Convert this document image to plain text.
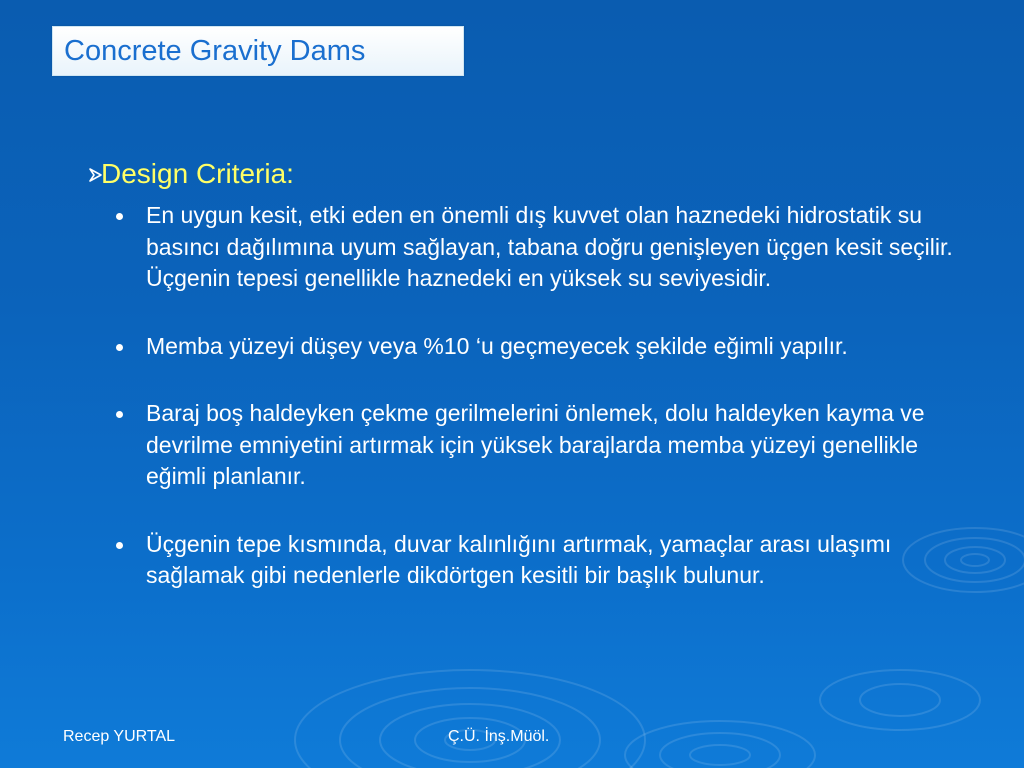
Concrete Gravity Dams
Design Criteria:
En uygun kesit, etki eden en önemli dış kuvvet olan haznedeki hidrostatik su basıncı dağılımına uyum sağlayan, tabana doğru genişleyen üçgen kesit seçilir. Üçgenin tepesi genellikle haznedeki en yüksek su seviyesidir.
Memba yüzeyi düşey veya %10 ‘u geçmeyecek şekilde eğimli yapılır.
Baraj boş haldeyken çekme gerilmelerini önlemek, dolu haldeyken kayma ve devrilme emniyetini artırmak için yüksek barajlarda memba yüzeyi genellikle eğimli planlanır.
Üçgenin tepe kısmında, duvar kalınlığını artırmak, yamaçlar arası ulaşımı sağlamak gibi nedenlerle dikdörtgen kesitli bir başlık bulunur.
Recep YURTAL	Ç.Ü. İnş.Müöl.
